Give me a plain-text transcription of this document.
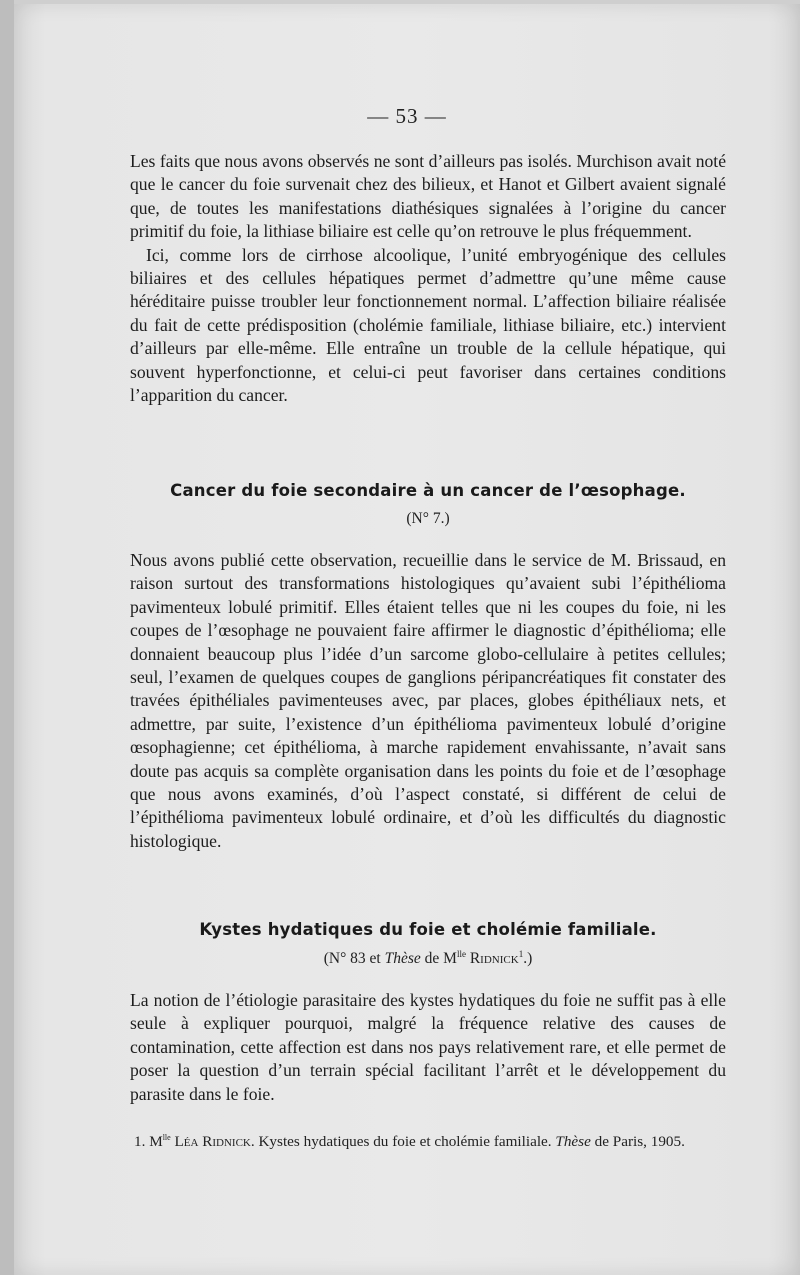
— 53 —

Les faits que nous avons observés ne sont d’ailleurs pas isolés. Murchison avait noté que le cancer du foie survenait chez des bilieux, et Hanot et Gilbert avaient signalé que, de toutes les manifestations diathésiques signalées à l’origine du cancer primitif du foie, la lithiase biliaire est celle qu’on retrouve le plus fréquemment.

Ici, comme lors de cirrhose alcoolique, l’unité embryogénique des cellules biliaires et des cellules hépatiques permet d’admettre qu’une même cause héréditaire puisse troubler leur fonctionnement normal. L’affection biliaire réalisée du fait de cette prédisposition (cholémie familiale, lithiase biliaire, etc.) intervient d’ailleurs par elle-même. Elle entraîne un trouble de la cellule hépatique, qui souvent hyperfonctionne, et celui-ci peut favoriser dans certaines conditions l’apparition du cancer.

Cancer du foie secondaire à un cancer de l’œsophage.
(N° 7.)

Nous avons publié cette observation, recueillie dans le service de M. Brissaud, en raison surtout des transformations histologiques qu’avaient subi l’épithélioma pavimenteux lobulé primitif. Elles étaient telles que ni les coupes du foie, ni les coupes de l’œsophage ne pouvaient faire affirmer le diagnostic d’épithélioma; elle donnaient beaucoup plus l’idée d’un sarcome globo-cellulaire à petites cellules; seul, l’examen de quelques coupes de ganglions péripancréatiques fit constater des travées épithéliales pavimenteuses avec, par places, globes épithéliaux nets, et admettre, par suite, l’existence d’un épithélioma pavimenteux lobulé d’origine œsophagienne; cet épithélioma, à marche rapidement envahissante, n’avait sans doute pas acquis sa complète organisation dans les points du foie et de l’œsophage que nous avons examinés, d’où l’aspect constaté, si différent de celui de l’épithélioma pavimenteux lobulé ordinaire, et d’où les difficultés du diagnostic histologique.

Kystes hydatiques du foie et cholémie familiale.
(N° 83 et Thèse de $M^{lle}$ Ridnick$^1$.)

La notion de l’étiologie parasitaire des kystes hydatiques du foie ne suffit pas à elle seule à expliquer pourquoi, malgré la fréquence relative des causes de contamination, cette affection est dans nos pays relativement rare, et elle permet de poser la question d’un terrain spécial facilitant l’arrêt et le développement du parasite dans le foie.

1. $M^{lle}$ Léa Ridnick. Kystes hydatiques du foie et cholémie familiale. Thèse de Paris, 1905.
